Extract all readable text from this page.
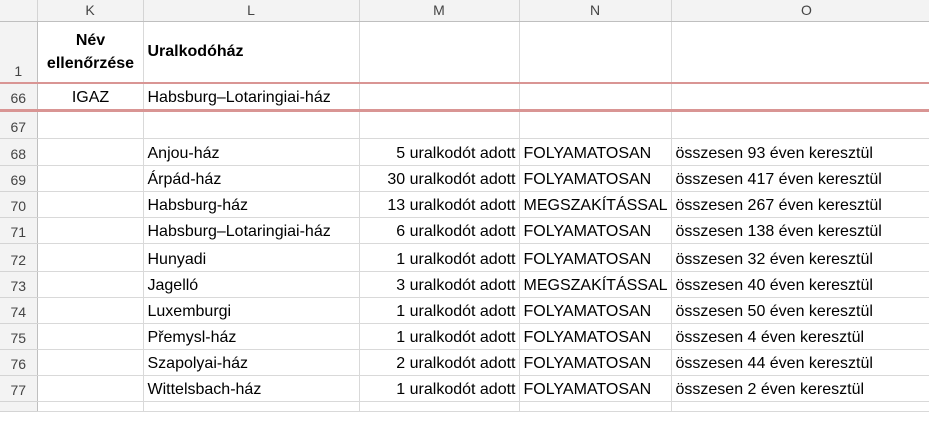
	K	L	M	N	O
1	Név ellenőrzése	Uralkodóház			
66	IGAZ	Habsburg–Lotaringiai-ház			
67					
68		Anjou-ház	5 uralkodót adott	FOLYAMATOSAN	összesen 93 éven keresztül
69		Árpád-ház	30 uralkodót adott	FOLYAMATOSAN	összesen 417 éven keresztül
70		Habsburg-ház	13 uralkodót adott	MEGSZAKÍTÁSSAL	összesen 267 éven keresztül
71		Habsburg–Lotaringiai-ház	6 uralkodót adott	FOLYAMATOSAN	összesen 138 éven keresztül
72		Hunyadi	1 uralkodót adott	FOLYAMATOSAN	összesen 32 éven keresztül
73		Jagelló	3 uralkodót adott	MEGSZAKÍTÁSSAL	összesen 40 éven keresztül
74		Luxemburgi	1 uralkodót adott	FOLYAMATOSAN	összesen 50 éven keresztül
75		Přemysl-ház	1 uralkodót adott	FOLYAMATOSAN	összesen 4 éven keresztül
76		Szapolyai-ház	2 uralkodót adott	FOLYAMATOSAN	összesen 44 éven keresztül
77		Wittelsbach-ház	1 uralkodót adott	FOLYAMATOSAN	összesen 2 éven keresztül
